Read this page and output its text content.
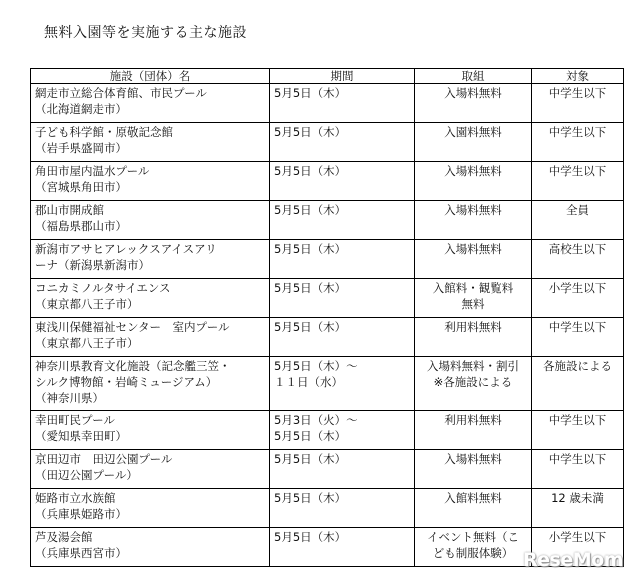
無料入園等を実施する主な施設
施設（団体）名	期間	取組	対象

網走市立総合体育館、市民プール
（北海道網走市）	5月5日（木）	入場料無料	中学生以下

子ども科学館・原敬記念館
（岩手県盛岡市）	5月5日（木）	入園料無料	中学生以下

角田市屋内温水プール
（宮城県角田市）	5月5日（木）	入場料無料	中学生以下

郡山市開成館
（福島県郡山市）	5月5日（木）	入場料無料	全員

新潟市アサヒアレックスアイスアリ
ーナ（新潟県新潟市）	5月5日（木）	入場料無料	高校生以下

コニカミノルタサイエンス
（東京都八王子市）	5月5日（木）	入館料・観覧料
無料	小学生以下

東浅川保健福祉センター　室内プール
（東京都八王子市）	5月5日（木）	利用料無料	中学生以下

神奈川県教育文化施設（記念艦三笠・
シルク博物館・岩崎ミュージアム）
（神奈川県）	5月5日（木）～
１１日（水）	入場料無料・割引
※各施設による	各施設による

幸田町民プール
（愛知県幸田町）	5月3日（火）～
5月5日（木）	利用料無料	中学生以下

京田辺市　田辺公園プール
（田辺公園プール）	5月5日（木）	入場料無料	中学生以下

姫路市立水族館
（兵庫県姫路市）	5月5日（木）	入館料無料	12 歳未満

芦及湯会館
（兵庫県西宮市）	5月5日（木）	イベント無料（こ
ども制服体験）	小学生以下
ReseMom
